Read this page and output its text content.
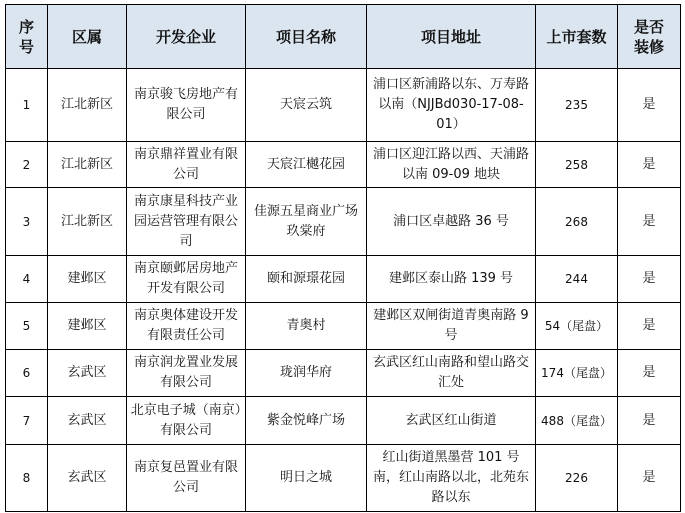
序号	区属	开发企业	项目名称	项目地址	上市套数	是否装修
1	江北新区	南京骏飞房地产有限公司	天宸云筑	浦口区新浦路以东、万寿路以南（NJJBd030-17-08-01）	235	是
2	江北新区	南京鼎祥置业有限公司	天宸江樾花园	浦口区迎江路以西、天浦路以南 09-09 地块	258	是
3	江北新区	南京康星科技产业园运营管理有限公司	佳源五星商业广场玖棠府	浦口区卓越路 36 号	268	是
4	建邺区	南京颐邺居房地产开发有限公司	颐和源璟花园	建邺区泰山路 139 号	244	是
5	建邺区	南京奥体建设开发有限责任公司	青奥村	建邺区双闸街道青奥南路 9 号	54（尾盘）	是
6	玄武区	南京润龙置业发展有限公司	珑润华府	玄武区红山南路和望山路交汇处	174（尾盘）	是
7	玄武区	北京电子城（南京）有限公司	紫金悦峰广场	玄武区红山街道	488（尾盘）	是
8	玄武区	南京复邑置业有限公司	明日之城	红山街道黑墨营 101 号南，红山南路以北，北苑东路以东	226	是
